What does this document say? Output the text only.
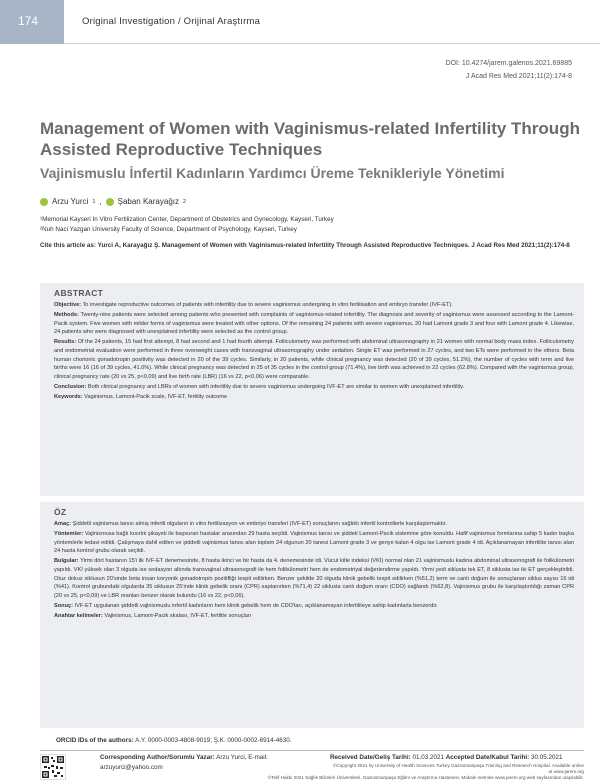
174	Original Investigation / Orijinal Araştırma
DOI: 10.4274/jarem.galenos.2021.69885
J Acad Res Med 2021;11(2):174-8
Management of Women with Vaginismus-related Infertility Through Assisted Reproductive Techniques
Vajinismuslu İnfertil Kadınların Yardımcı Üreme Teknikleriyle Yönetimi
Arzu Yurci 1 , Şaban Karayağız 2
¹Memorial Kayseri In Vitro Fertilization Center, Department of Obstetrics and Gynecology, Kayseri, Turkey
²Nuh Naci Yazgan University Faculty of Science, Department of Psychology, Kayseri, Turkey
Cite this article as: Yurci A, Karayağız Ş. Management of Women with Vaginismus-related Infertility Through Assisted Reproductive Techniques. J Acad Res Med 2021;11(2):174-8
ABSTRACT

Objective: To investigate reproductive outcomes of patients with infertility due to severe vaginismus undergoing in vitro fertilisation and embryo transfer (IVF-ET).

Methods: Twenty-nine patients were selected among patients who presented with complaints of vaginismus-related infertility. The diagnosis and severity of vaginismus were assessed according to the Lamont-Pacik system. Five women with milder forms of vaginismus were treated with other options. Of the remaining 24 patients with severe vaginismus, 20 had Lamont grade 3 and four with Lamont grade 4. Likewise, 24 patients who were diagnosed with unexplained infertility were selected as the control group.

Results: Of the 24 patients, 15 had first attempt, 8 had second and 1 had fourth attempt. Folliculometry was performed with abdominal ultrasonography in 21 women with normal body mass index. Folliculometry and endometrial evaluation were performed in three overweight cases with transvaginal ultrasonography under sedation. Single ET was performed in 27 cycles, and two ETs were performed in the others. Beta human chorionic gonadotropin positivity was detected in 20 of the 39 cycles. Similarly, in 20 patients, while clinical pregnancy was detected (20 of 39 cycles, 51.2%), the number of cycles with term and live births were 16 (16 of 39 cycles, 41.0%). While clinical pregnancy was detected in 25 of 35 cycles in the control group (71.4%), live birth was achieved in 22 cycles (62.8%). Compared with the vaginismus group, clinical pregnancy rate (20 vs 25, p<0.09) and live birth rate (LBR) (16 vs 22, p<0.06) were comparable.

Conclusion: Both clinical pregnancy and LBRs of women with infertility due to severe vaginismus undergoing IVF-ET are similar to women with unexplained infertility.

Keywords: Vaginismus, Lamont-Pacik scale, IVF-ET, fertility outcome

ÖZ

Amaç: Şiddetli vajinismus tanısı almış infertil olguların in vitro fertilizasyon ve embriyo transferi (IVF-ET) sonuçlarını sağlıklı infertil kontrollerle karşılaştırmaktır.

Yöntemler: Vajinismusa bağlı kısırlık şikayeti ile başvuran hastalar arasından 29 hasta seçildi. Vajinismus tanısı ve şiddeti Lamont-Pacik sistemine göre konuldu. Hafif vajinismus formlarına sahip 5 kadın başka yöntemlerle tedavi edildi. Çalışmaya dahil edilen ve şiddetli vajinismus tanısı alan toplam 24 olgunun 20 tanesi Lamont grade 3 ve geriye kalan 4 olgu ise Lamont grade 4 idi. Açıklanamayan infertilite tanısı alan 24 hasta kontrol grubu olarak seçildi.

Bulgular: Yirmi dört hastanın 15'i ilk IVF-ET denemesinde, 8 hasta ikinci ve bir hasta da 4. denemesinde idi. Vücut kitle indeksi (VKİ) normal olan 21 vajinismuslu kadına abdominal ultrasonografi ile folikülometri yapıldı. VKİ yüksek olan 3 olguda ise sedasyon altında transvajinal ultrasonografi ile hem folikülometri hem de endometriyal değerlendirme yapıldı. Yirmi yedi siklusta tek ET, 8 siklusta ise iki ET gerçekleştirildi. Otuz dokuz siklusun 20'sinde beta insan koryonik gonadotropin pozitifliği tespit edilirken. Benzer şekilde 20 olguda klinik gebelik tespit edilirken (%51,2) term ve canlı doğum ile sonuçlanan siklus sayısı 16 idi (%41). Kontrol grubundaki olgularda 35 siklusun 25'inde klinik gebelik oranı (CPR) saptanırken (%71,4) 22 siklusta canlı doğum oranı (CDO) sağlandı (%62,8). Vajinismus grubu ile karşılaştırıldığı zaman CPR (20 vs 25, p<0,09) ve LBR oranları benzer olarak bulundu (16 vs 22, p<0,06).

Sonuç: IVF-ET uygulanan şiddetli vajinismuslu infertil kadınların hem klinik gebelik hem de CDO'ları, açıklanamayan infertiliteye sahip kadınlarla benzerdir.

Anahtar kelimeler: Vajinismus, Lamont-Pacik skalası, IVF-ET, fertilite sonuçları

ORCID IDs of the authors: A.Y. 0000-0003-4808-9019; Ş.K. 0000-0002-6914-4630.
Corresponding Author/Sorumlu Yazar: Arzu Yurci, E-mail: arzuyurci@yahoo.com
Received Date/Geliş Tarihi: 01.03.2021 Accepted Date/Kabul Tarihi: 30.05.2021
©Copyright 2021 by University of Health Sciences Turkey Gaziosmanpaşa Training and Research Hospital. Available online at www.jarem.org
©Telif Hakkı 2021 Sağlık Bilimleri Üniversitesi, Gaziosmanpaşa Eğitim ve Araştırma Hastanesi. Makale metnine www.jarem.org web sayfasından ulaşılabilir.
